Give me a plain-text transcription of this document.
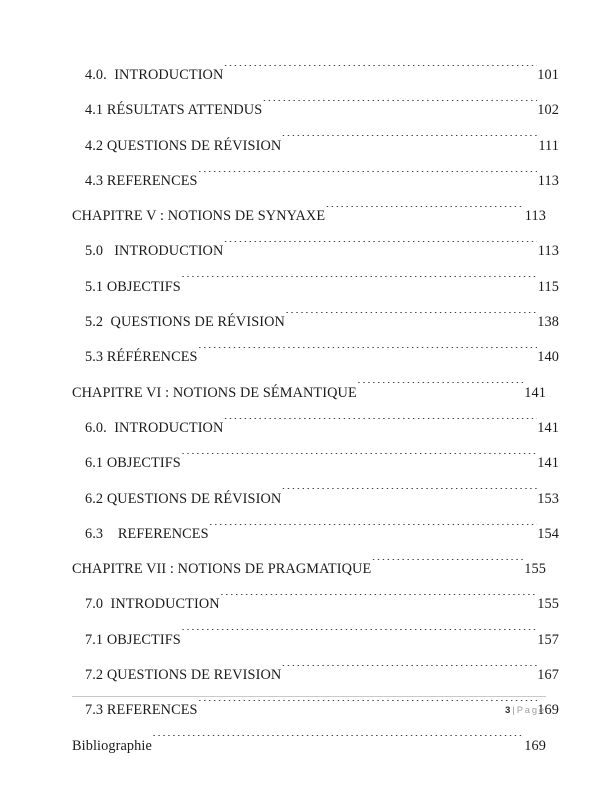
4.0.  INTRODUCTION . . .	101
4.1 RÉSULTATS ATTENDUS . . .	102
4.2 QUESTIONS DE RÉVISION . . .	111
4.3 REFERENCES . . .	113
CHAPITRE V : NOTIONS DE SYNYAXE . . .	113
5.0   INTRODUCTION . . .	113
5.1 OBJECTIFS . . .	115
5.2  QUESTIONS DE RÉVISION . . .	138
5.3 RÉFÉRENCES . . .	140
CHAPITRE VI : NOTIONS DE SÉMANTIQUE . . .	141
6.0.  INTRODUCTION . . .	141
6.1 OBJECTIFS . . .	141
6.2 QUESTIONS DE RÉVISION . . .	153
6.3    REFERENCES . . .	154
CHAPITRE VII : NOTIONS DE PRAGMATIQUE . . .	155
7.0  INTRODUCTION . . .	155
7.1 OBJECTIFS . . .	157
7.2 QUESTIONS DE REVISION . . .	167
7.3 REFERENCES . . .	169
Bibliographie . . .	169
3 | Page
